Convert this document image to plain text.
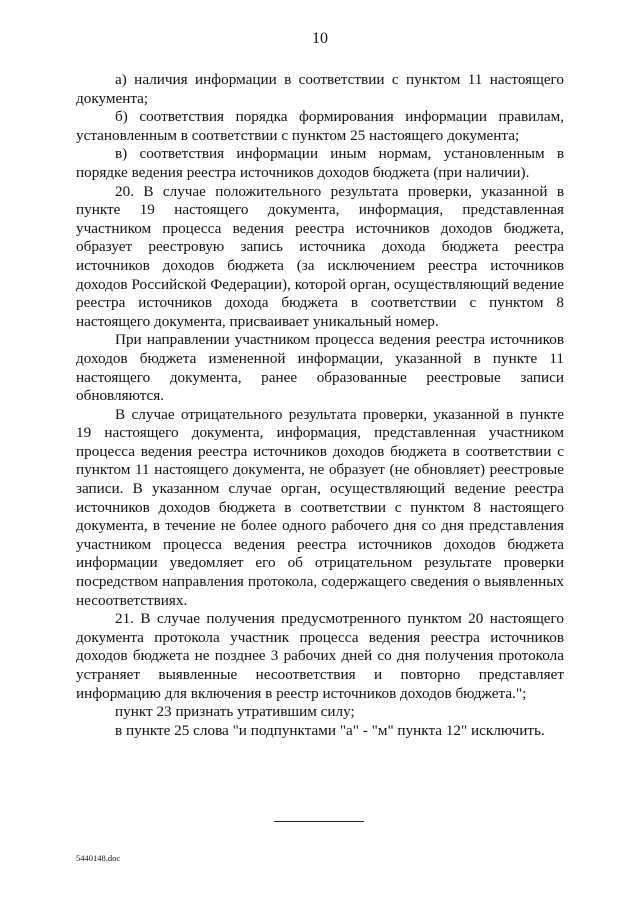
10

а) наличия информации в соответствии с пунктом 11 настоящего документа;

б) соответствия порядка формирования информации правилам, установленным в соответствии с пунктом 25 настоящего документа;

в) соответствия информации иным нормам, установленным в порядке ведения реестра источников доходов бюджета (при наличии).

20. В случае положительного результата проверки, указанной в пункте 19 настоящего документа, информация, представленная участником процесса ведения реестра источников доходов бюджета, образует реестровую запись источника дохода бюджета реестра источников доходов бюджета (за исключением реестра источников доходов Российской Федерации), которой орган, осуществляющий ведение реестра источников дохода бюджета в соответствии с пунктом 8 настоящего документа, присваивает уникальный номер.

При направлении участником процесса ведения реестра источников доходов бюджета измененной информации, указанной в пункте 11 настоящего документа, ранее образованные реестровые записи обновляются.

В случае отрицательного результата проверки, указанной в пункте 19 настоящего документа, информация, представленная участником процесса ведения реестра источников доходов бюджета в соответствии с пунктом 11 настоящего документа, не образует (не обновляет) реестровые записи. В указанном случае орган, осуществляющий ведение реестра источников доходов бюджета в соответствии с пунктом 8 настоящего документа, в течение не более одного рабочего дня со дня представления участником процесса ведения реестра источников доходов бюджета информации уведомляет его об отрицательном результате проверки посредством направления протокола, содержащего сведения о выявленных несоответствиях.

21. В случае получения предусмотренного пунктом 20 настоящего документа протокола участник процесса ведения реестра источников доходов бюджета не позднее 3 рабочих дней со дня получения протокола устраняет выявленные несоответствия и повторно представляет информацию для включения в реестр источников доходов бюджета.";

пункт 23 признать утратившим силу;

в пункте 25 слова "и подпунктами "а" - "м" пункта 12" исключить.

5440148.doc
